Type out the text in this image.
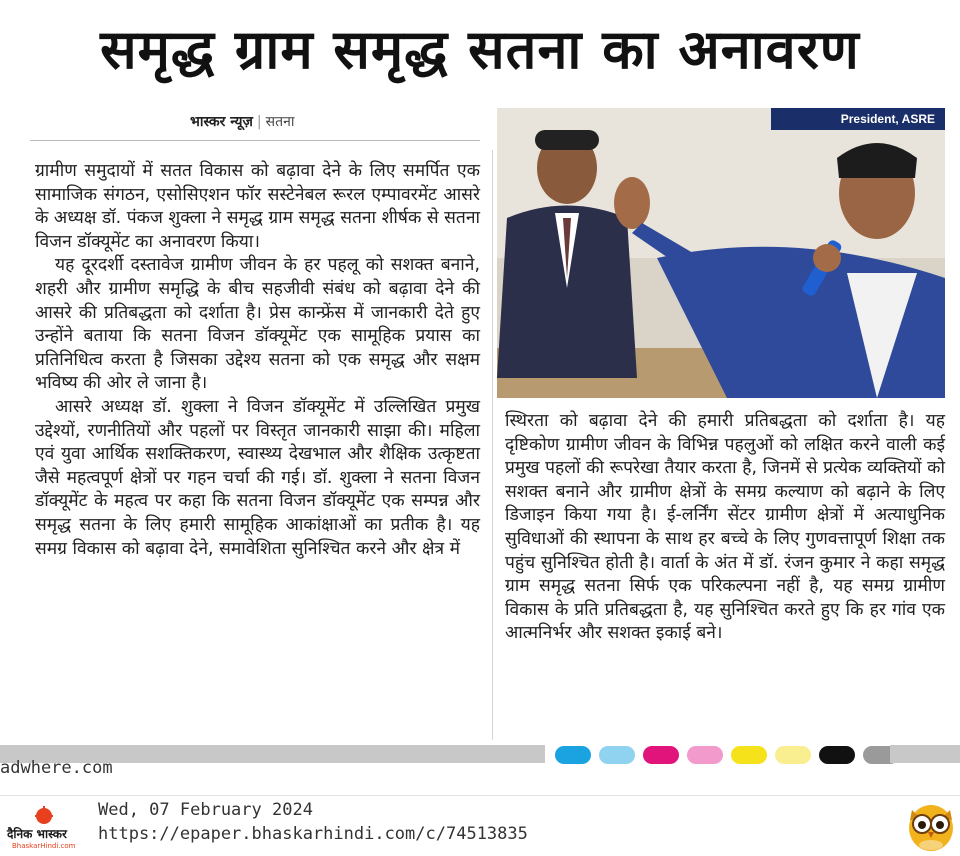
समृद्ध ग्राम समृद्ध सतना का अनावरण
भास्कर न्यूज़ | सतना

ग्रामीण समुदायों में सतत विकास को बढ़ावा देने के लिए समर्पित एक सामाजिक संगठन, एसोसिएशन फॉर सस्टेनेबल रूरल एम्पावरमेंट आसरे के अध्यक्ष डॉ. पंकज शुक्ला ने समृद्ध ग्राम समृद्ध सतना शीर्षक से सतना विजन डॉक्यूमेंट का अनावरण किया।

यह दूरदर्शी दस्तावेज ग्रामीण जीवन के हर पहलू को सशक्त बनाने, शहरी और ग्रामीण समृद्धि के बीच सहजीवी संबंध को बढ़ावा देने की आसरे की प्रतिबद्धता को दर्शाता है। प्रेस कान्फ्रेंस में जानकारी देते हुए उन्होंने बताया कि सतना विजन डॉक्यूमेंट एक सामूहिक प्रयास का प्रतिनिधित्व करता है जिसका उद्देश्य सतना को एक समृद्ध और सक्षम भविष्य की ओर ले जाना है।

आसरे अध्यक्ष डॉ. शुक्ला ने विजन डॉक्यूमेंट में उल्लिखित प्रमुख उद्देश्यों, रणनीतियों और पहलों पर विस्तृत जानकारी साझा की। महिला एवं युवा आर्थिक सशक्तिकरण, स्वास्थ्य देखभाल और शैक्षिक उत्कृष्टता जैसे महत्वपूर्ण क्षेत्रों पर गहन चर्चा की गई। डॉ. शुक्ला ने सतना विजन डॉक्यूमेंट के महत्व पर कहा कि सतना विजन डॉक्यूमेंट एक सम्पन्न और समृद्ध सतना के लिए हमारी सामूहिक आकांक्षाओं का प्रतीक है। यह समग्र विकास को बढ़ावा देने, समावेशिता सुनिश्चित करने और क्षेत्र में

President, ASRE

स्थिरता को बढ़ावा देने की हमारी प्रतिबद्धता को दर्शाता है। यह दृष्टिकोण ग्रामीण जीवन के विभिन्न पहलुओं को लक्षित करने वाली कई प्रमुख पहलों की रूपरेखा तैयार करता है, जिनमें से प्रत्येक व्यक्तियों को सशक्त बनाने और ग्रामीण क्षेत्रों के समग्र कल्याण को बढ़ाने के लिए डिजाइन किया गया है। ई-लर्निंग सेंटर ग्रामीण क्षेत्रों में अत्याधुनिक सुविधाओं की स्थापना के साथ हर बच्चे के लिए गुणवत्तापूर्ण शिक्षा तक पहुंच सुनिश्चित होती है। वार्ता के अंत में डॉ. रंजन कुमार ने कहा समृद्ध ग्राम समृद्ध सतना सिर्फ एक परिकल्पना नहीं है, यह समग्र ग्रामीण विकास के प्रति प्रतिबद्धता है, यह सुनिश्चित करते हुए कि हर गांव एक आत्मनिर्भर और सशक्त इकाई बने।

adwhere.com
दैनिक भास्कर
BhaskarHindi.com
Wed, 07 February 2024
https://epaper.bhaskarhindi.com/c/74513835
